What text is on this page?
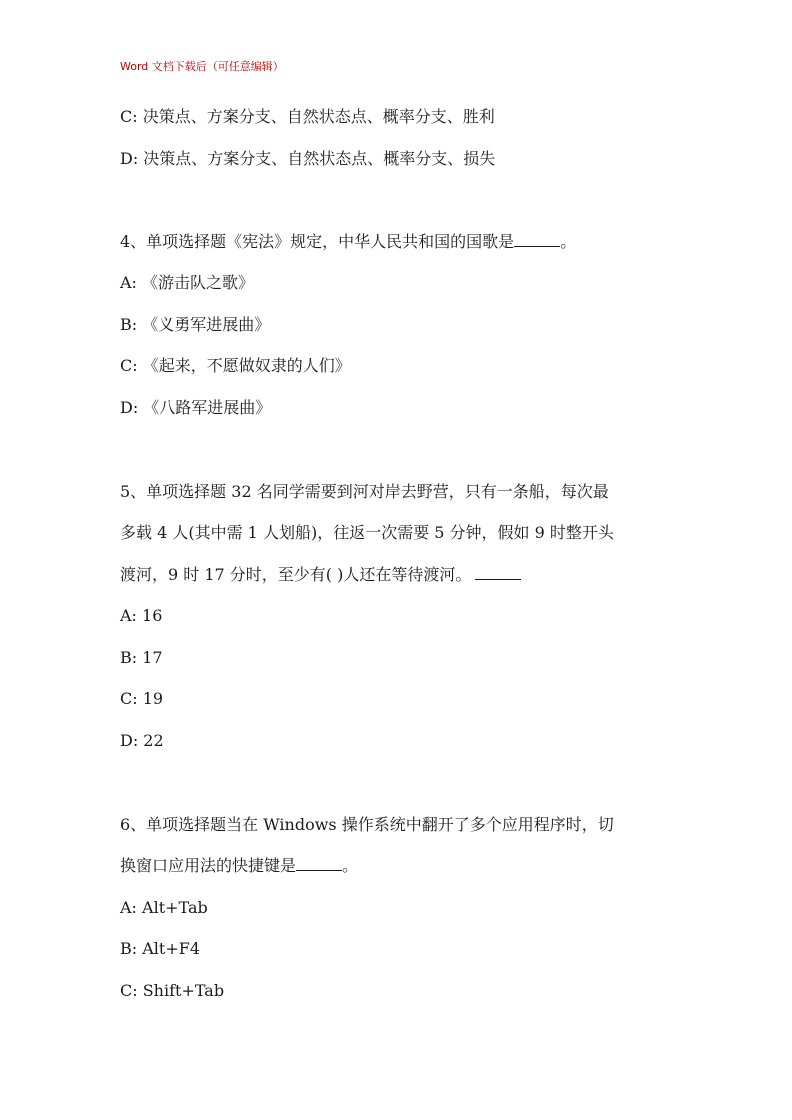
Word 文档下载后（可任意编辑）
C: 决策点、方案分支、自然状态点、概率分支、胜利
D: 决策点、方案分支、自然状态点、概率分支、损失
4、单项选择题《宪法》规定，中华人民共和国的国歌是	。
A: 《游击队之歌》
B: 《义勇军进展曲》
C: 《起来，不愿做奴隶的人们》
D: 《八路军进展曲》
5、单项选择题 32 名同学需要到河对岸去野营，只有一条船，每次最
多载 4 人(其中需 1 人划船)，往返一次需要 5 分钟，假如 9 时整开头
渡河，9 时 17 分时，至少有( )人还在等待渡河。
A: 16
B: 17
C: 19
D: 22
6、单项选择题当在 Windows 操作系统中翻开了多个应用程序时，切
换窗口应用法的快捷键是	。
A: Alt+Tab
B: Alt+F4
C: Shift+Tab
